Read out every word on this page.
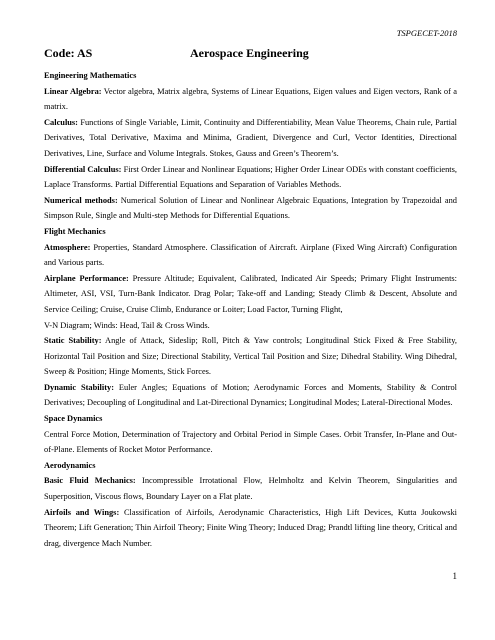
TSPGECET-2018
Code: AS	Aerospace Engineering

Engineering Mathematics

Linear Algebra: Vector algebra, Matrix algebra, Systems of Linear Equations, Eigen values and Eigen vectors, Rank of a matrix.

Calculus: Functions of Single Variable, Limit, Continuity and Differentiability, Mean Value Theorems, Chain rule, Partial Derivatives, Total Derivative, Maxima and Minima, Gradient, Divergence and Curl, Vector Identities, Directional Derivatives, Line, Surface and Volume Integrals. Stokes, Gauss and Green’s Theorem’s.

Differential Calculus: First Order Linear and Nonlinear Equations; Higher Order Linear ODEs with constant coefficients, Laplace Transforms. Partial Differential Equations and Separation of Variables Methods.

Numerical methods: Numerical Solution of Linear and Nonlinear Algebraic Equations, Integration by Trapezoidal and Simpson Rule, Single and Multi-step Methods for Differential Equations.

Flight Mechanics

Atmosphere: Properties, Standard Atmosphere. Classification of Aircraft. Airplane (Fixed Wing Aircraft) Configuration and Various parts.

Airplane Performance: Pressure Altitude; Equivalent, Calibrated, Indicated Air Speeds; Primary Flight Instruments: Altimeter, ASI, VSI, Turn-Bank Indicator. Drag Polar; Take-off and Landing; Steady Climb & Descent, Absolute and Service Ceiling; Cruise, Cruise Climb, Endurance or Loiter; Load Factor, Turning Flight,

V-N Diagram; Winds: Head, Tail & Cross Winds.

Static Stability: Angle of Attack, Sideslip; Roll, Pitch & Yaw controls; Longitudinal Stick Fixed & Free Stability, Horizontal Tail Position and Size; Directional Stability, Vertical Tail Position and Size; Dihedral Stability. Wing Dihedral, Sweep & Position; Hinge Moments, Stick Forces.

Dynamic Stability: Euler Angles; Equations of Motion; Aerodynamic Forces and Moments, Stability & Control Derivatives; Decoupling of Longitudinal and Lat-Directional Dynamics; Longitudinal Modes; Lateral-Directional Modes.

Space Dynamics

Central Force Motion, Determination of Trajectory and Orbital Period in Simple Cases. Orbit Transfer, In-Plane and Out-of-Plane. Elements of Rocket Motor Performance.

Aerodynamics

Basic Fluid Mechanics: Incompressible Irrotational Flow, Helmholtz and Kelvin Theorem, Singularities and Superposition, Viscous flows, Boundary Layer on a Flat plate.

Airfoils and Wings: Classification of Airfoils, Aerodynamic Characteristics, High Lift Devices, Kutta Joukowski Theorem; Lift Generation; Thin Airfoil Theory; Finite Wing Theory; Induced Drag; Prandtl lifting line theory, Critical and drag, divergence Mach Number.

1
